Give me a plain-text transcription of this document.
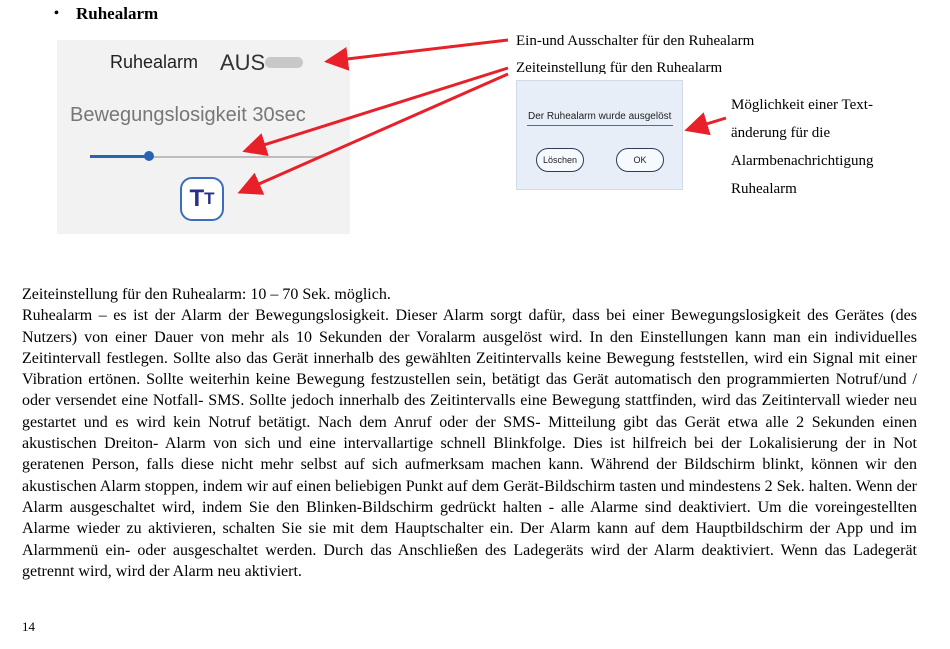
•	Ruhealarm
Ruhealarm AUS
Bewegungslosigkeit 30sec
T T
Der Ruhealarm wurde ausgelöst
Löschen	OK
Ein-und Ausschalter für den Ruhealarm
Zeiteinstellung für den Ruhealarm
Möglichkeit einer Text-
änderung für die
Alarmbenachrichtigung
Ruhealarm

Zeiteinstellung für den Ruhealarm: 10 – 70 Sek. möglich.

Ruhealarm – es ist der Alarm der Bewegungslosigkeit. Dieser Alarm sorgt dafür, dass bei einer Bewegungslosigkeit des Gerätes (des Nutzers) von einer Dauer von mehr als 10 Sekunden der Voralarm ausgelöst wird. In den Einstellungen kann man ein individuelles Zeitintervall festlegen. Sollte also das Gerät innerhalb des gewählten Zeitintervalls keine Bewegung feststellen, wird ein Signal mit einer Vibration ertönen. Sollte weiterhin keine Bewegung festzustellen sein, betätigt das Gerät automatisch den programmierten Notruf/und / oder versendet eine Notfall- SMS. Sollte jedoch innerhalb des Zeitintervalls eine Bewegung stattfinden, wird das Zeitintervall wieder neu gestartet und es wird kein Notruf betätigt. Nach dem Anruf oder der SMS- Mitteilung gibt das Gerät etwa alle 2 Sekunden einen akustischen Dreiton- Alarm von sich und eine intervallartige schnell Blinkfolge. Dies ist hilfreich bei der Lokalisierung der in Not geratenen Person, falls diese nicht mehr selbst auf sich aufmerksam machen kann. Während der Bildschirm blinkt, können wir den akustischen Alarm stoppen, indem wir auf einen beliebigen Punkt auf dem Gerät-Bildschirm tasten und mindestens 2 Sek. halten. Wenn der Alarm ausgeschaltet wird, indem Sie den Blinken-Bildschirm gedrückt halten - alle Alarme sind deaktiviert. Um die voreingestellten Alarme wieder zu aktivieren, schalten Sie sie mit dem Hauptschalter ein. Der Alarm kann auf dem Hauptbildschirm der App und im Alarmmenü ein- oder ausgeschaltet werden. Durch das Anschließen des Ladegeräts wird der Alarm deaktiviert. Wenn das Ladegerät getrennt wird, wird der Alarm neu aktiviert.

14
